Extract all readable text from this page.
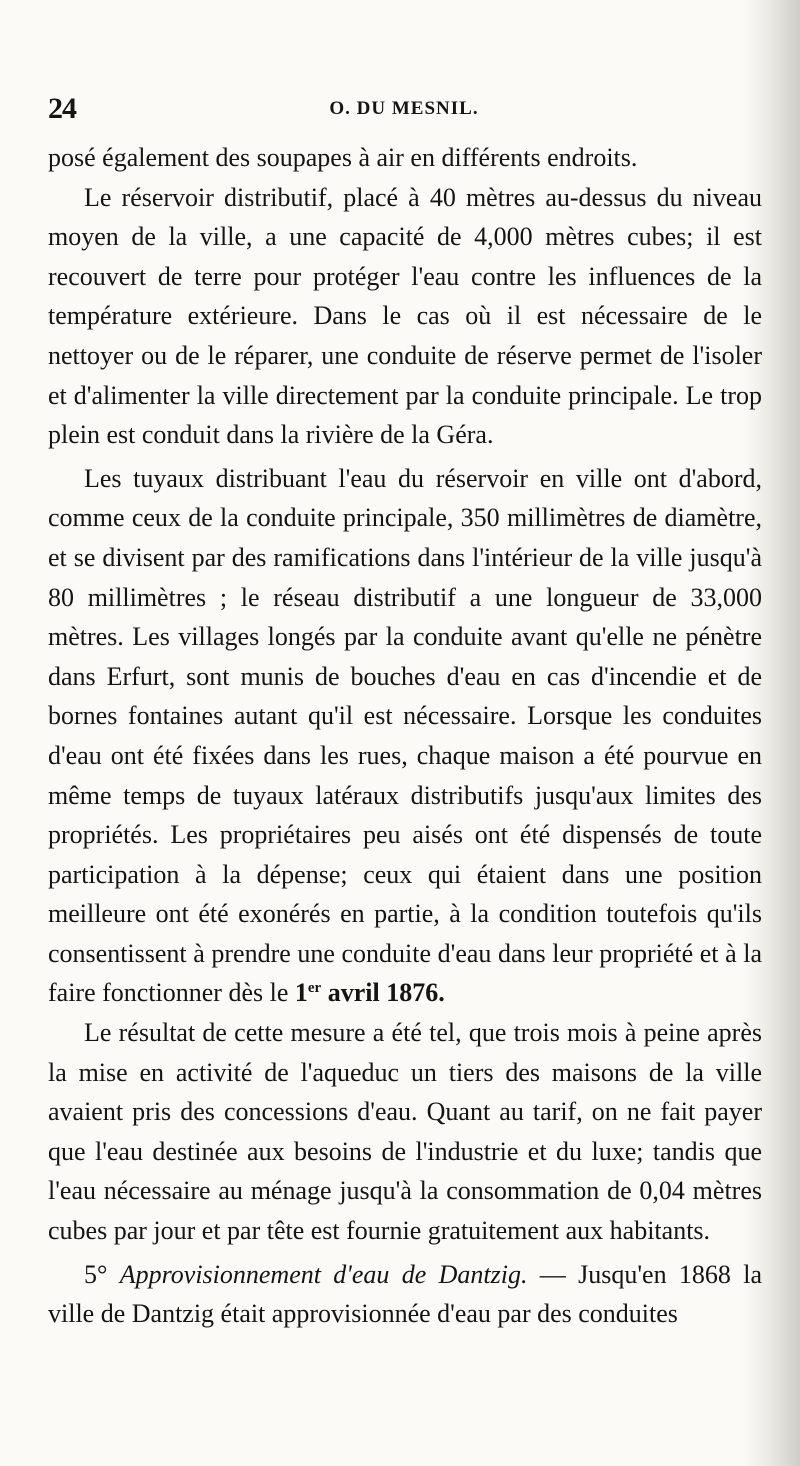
24	O. DU MESNIL.

posé également des soupapes à air en différents endroits.

Le réservoir distributif, placé à 40 mètres au-dessus du niveau moyen de la ville, a une capacité de 4,000 mètres cubes; il est recouvert de terre pour protéger l'eau contre les influences de la température extérieure. Dans le cas où il est nécessaire de le nettoyer ou de le réparer, une conduite de réserve permet de l'isoler et d'alimenter la ville directement par la conduite principale. Le trop plein est conduit dans la rivière de la Géra.

Les tuyaux distribuant l'eau du réservoir en ville ont d'abord, comme ceux de la conduite principale, 350 millimètres de diamètre, et se divisent par des ramifications dans l'intérieur de la ville jusqu'à 80 millimètres ; le réseau distributif a une longueur de 33,000 mètres. Les villages longés par la conduite avant qu'elle ne pénètre dans Erfurt, sont munis de bouches d'eau en cas d'incendie et de bornes fontaines autant qu'il est nécessaire. Lorsque les conduites d'eau ont été fixées dans les rues, chaque maison a été pourvue en même temps de tuyaux latéraux distributifs jusqu'aux limites des propriétés. Les propriétaires peu aisés ont été dispensés de toute participation à la dépense; ceux qui étaient dans une position meilleure ont été exonérés en partie, à la condition toutefois qu'ils consentissent à prendre une conduite d'eau dans leur propriété et à la faire fonctionner dès le 1er avril 1876.

Le résultat de cette mesure a été tel, que trois mois à peine après la mise en activité de l'aqueduc un tiers des maisons de la ville avaient pris des concessions d'eau. Quant au tarif, on ne fait payer que l'eau destinée aux besoins de l'industrie et du luxe; tandis que l'eau nécessaire au ménage jusqu'à la consommation de 0,04 mètres cubes par jour et par tête est fournie gratuitement aux habitants.

5° Approvisionnement d'eau de Dantzig. — Jusqu'en 1868 la ville de Dantzig était approvisionnée d'eau par des conduites
